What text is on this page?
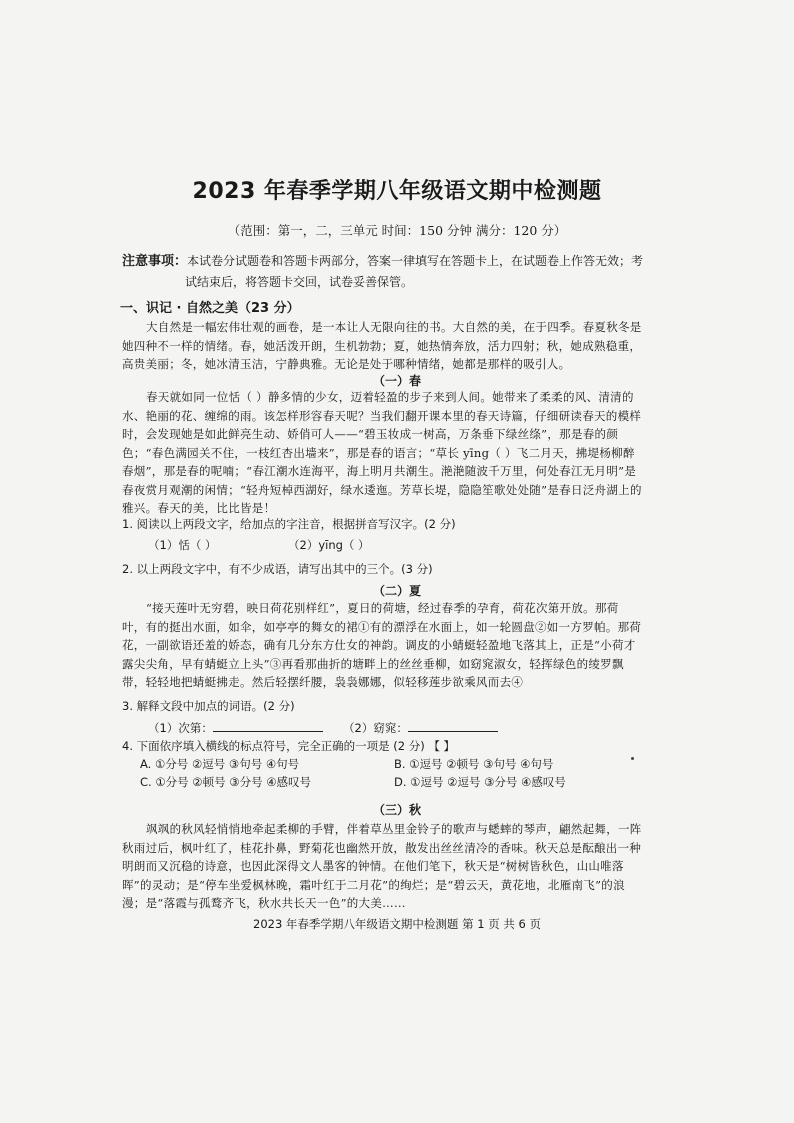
2023 年春季学期八年级语文期中检测题
（范围：第一，二，三单元 时间：150 分钟 满分：120 分）
注意事项：本试卷分试题卷和答题卡两部分，答案一律填写在答题卡上，在试题卷上作答无效；考
试结束后，将答题卡交回，试卷妥善保管。
一、识记 · 自然之美（23 分）
大自然是一幅宏伟壮观的画卷，是一本让人无限向往的书。大自然的美，在于四季。春夏秋冬是她四种不一样的情绪。春，她活泼开朗，生机勃勃；夏，她热情奔放，活力四射；秋，她成熟稳重，高贵美丽；冬，她冰清玉洁，宁静典雅。无论是处于哪种情绪，她都是那样的吸引人。
（一）春
春天就如同一位恬（ ）静多情的少女，迈着轻盈的步子来到人间。她带来了柔柔的风、清清的水、艳丽的花、缠绵的雨。该怎样形容春天呢？当我们翻开课本里的春天诗篇，仔细研读春天的模样时，会发现她是如此鲜亮生动、娇俏可人——“碧玉妆成一树高，万条垂下绿丝绦”，那是春的颜色；“春色满园关不住，一枝红杏出墙来”，那是春的语言；“草长 yīng（ ）飞二月天，拂堤杨柳醉春烟”，那是春的呢喃；“春江潮水连海平，海上明月共潮生。滟滟随波千万里，何处春江无月明”是春夜赏月观潮的闲情；“轻舟短棹西湖好，绿水逶迤。芳草长堤，隐隐笙歌处处随”是春日泛舟湖上的雅兴。春天的美，比比皆是！
1. 阅读以上两段文字，给加点的字注音，根据拼音写汉字。(2 分)
（1）恬（ ）	（2）yīng（ ）
2. 以上两段文字中，有不少成语，请写出其中的三个。(3 分)
（二）夏
“接天莲叶无穷碧，映日荷花别样红”，夏日的荷塘，经过春季的孕育，荷花次第开放。那荷叶，有的挺出水面，如伞，如亭亭的舞女的裙①有的漂浮在水面上，如一轮圆盘②如一方罗帕。那荷花，一副欲语还羞的娇态，确有几分东方仕女的神韵。调皮的小蜻蜓轻盈地飞落其上，正是“小荷才露尖尖角，早有蜻蜓立上头”③再看那曲折的塘畔上的丝丝垂柳，如窈窕淑女，轻挥绿色的绫罗飘带，轻轻地把蜻蜓拂走。然后轻摆纤腰，袅袅娜娜，似轻移莲步欲乘风而去④
3. 解释文段中加点的词语。(2 分)
（1）次第：	（2）窈窕：
4. 下面依序填入横线的标点符号，完全正确的一项是 (2 分) 【 】
A. ①分号 ②逗号 ③句号 ④句号	B. ①逗号 ②顿号 ③句号 ④句号
C. ①分号 ②顿号 ③分号 ④感叹号	D. ①逗号 ②逗号 ③分号 ④感叹号
（三）秋
飒飒的秋风轻悄悄地牵起柔柳的手臂，伴着草丛里金铃子的歌声与蟋蟀的琴声，翩然起舞，一阵秋雨过后，枫叶红了，桂花扑鼻，野菊花也幽然开放，散发出丝丝清冷的香味。秋天总是酝酿出一种明朗而又沉稳的诗意，也因此深得文人墨客的钟情。在他们笔下，秋天是“树树皆秋色，山山唯落晖”的灵动；是“停车坐爱枫林晚，霜叶红于二月花”的绚烂；是“碧云天，黄花地，北雁南飞”的浪漫；是“落霞与孤鹜齐飞，秋水共长天一色”的大美……
2023 年春季学期八年级语文期中检测题 第 1 页 共 6 页
